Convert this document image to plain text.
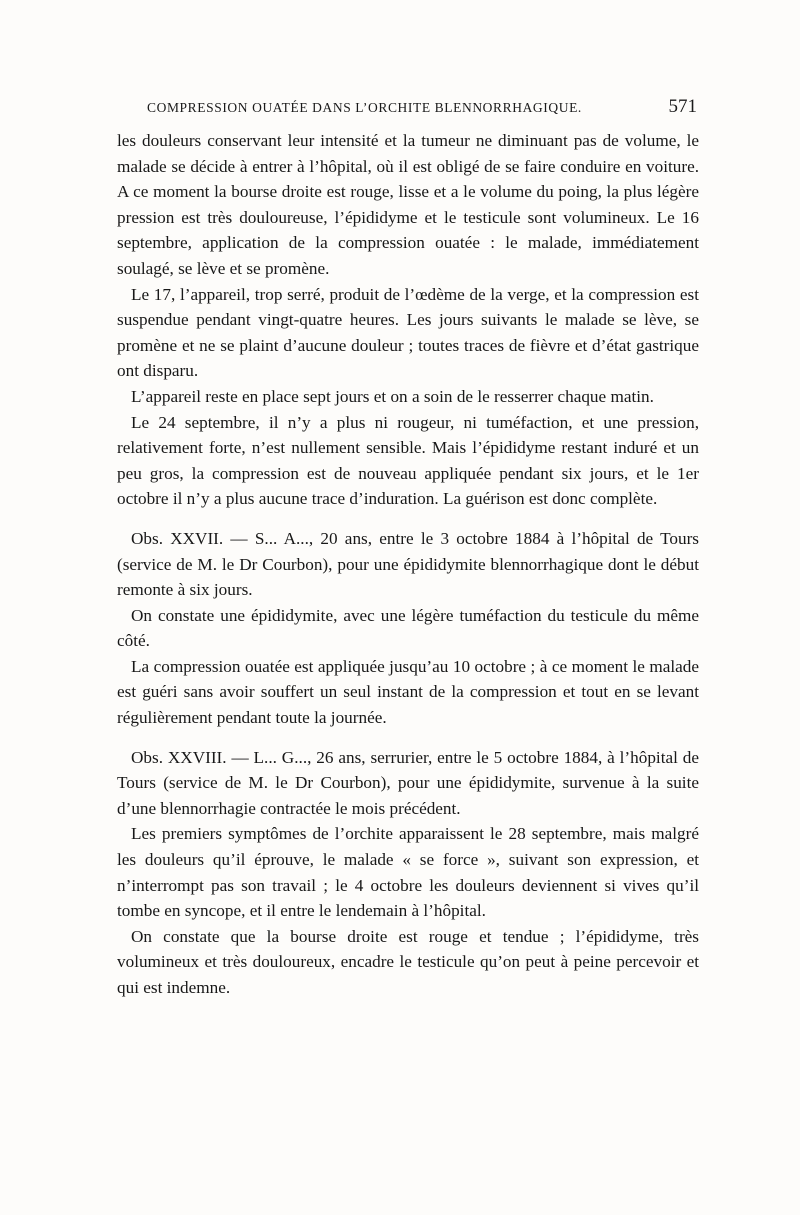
COMPRESSION OUATÉE DANS L’ORCHITE BLENNORRHAGIQUE.	571

les douleurs conservant leur intensité et la tumeur ne diminuant pas de volume, le malade se décide à entrer à l’hôpital, où il est obligé de se faire conduire en voiture. A ce moment la bourse droite est rouge, lisse et a le volume du poing, la plus légère pression est très douloureuse, l’épididyme et le testicule sont volumineux. Le 16 septembre, application de la compression ouatée : le malade, immédiatement soulagé, se lève et se promène.

Le 17, l’appareil, trop serré, produit de l’œdème de la verge, et la compression est suspendue pendant vingt-quatre heures. Les jours suivants le malade se lève, se promène et ne se plaint d’aucune douleur ; toutes traces de fièvre et d’état gastrique ont disparu.

L’appareil reste en place sept jours et on a soin de le resserrer chaque matin.

Le 24 septembre, il n’y a plus ni rougeur, ni tuméfaction, et une pression, relativement forte, n’est nullement sensible. Mais l’épididyme restant induré et un peu gros, la compression est de nouveau appliquée pendant six jours, et le 1er octobre il n’y a plus aucune trace d’induration. La guérison est donc complète.

Obs. XXVII. — S... A..., 20 ans, entre le 3 octobre 1884 à l’hôpital de Tours (service de M. le Dr Courbon), pour une épididymite blennorrhagique dont le début remonte à six jours.

On constate une épididymite, avec une légère tuméfaction du testicule du même côté.

La compression ouatée est appliquée jusqu’au 10 octobre ; à ce moment le malade est guéri sans avoir souffert un seul instant de la compression et tout en se levant régulièrement pendant toute la journée.

Obs. XXVIII. — L... G..., 26 ans, serrurier, entre le 5 octobre 1884, à l’hôpital de Tours (service de M. le Dr Courbon), pour une épididymite, survenue à la suite d’une blennorrhagie contractée le mois précédent.

Les premiers symptômes de l’orchite apparaissent le 28 septembre, mais malgré les douleurs qu’il éprouve, le malade « se force », suivant son expression, et n’interrompt pas son travail ; le 4 octobre les douleurs deviennent si vives qu’il tombe en syncope, et il entre le lendemain à l’hôpital.

On constate que la bourse droite est rouge et tendue ; l’épididyme, très volumineux et très douloureux, encadre le testicule qu’on peut à peine percevoir et qui est indemne.
